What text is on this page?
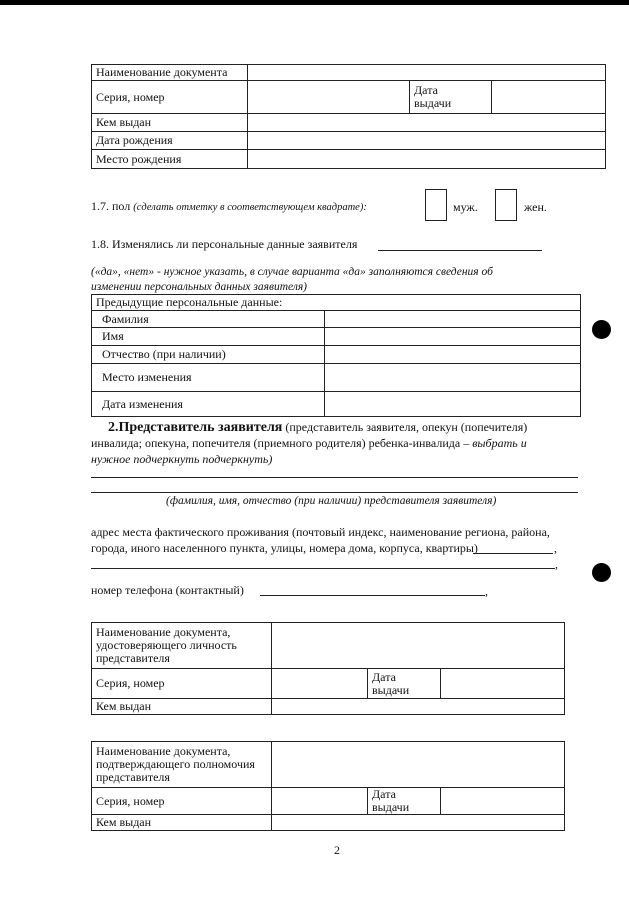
Наименование документа			
Серия, номер		Дата
выдачи	
Кем выдан			
Дата рождения			
Место рождения			
1.7. пол (сделать отметку в соответствующем квадрате):	муж.	жен.
1.8. Изменялись ли персональные данные заявителя
(«да», «нет» - нужное указать, в случае варианта «да» заполняются сведения об
изменении персональных данных заявителя)
Предыдущие персональные данные:	
Фамилия	
Имя	
Отчество (при наличии)	
Место изменения	
Дата изменения	
2.Представитель заявителя (представитель заявителя, опекун (попечителя)
инвалида; опекуна, попечителя (приемного родителя) ребенка-инвалида – выбрать и
нужное подчеркнуть подчеркнуть)
(фамилия, имя, отчество (при наличии) представителя заявителя)
адрес места фактического проживания (почтовый индекс, наименование региона, района,
города, иного населенного пункта, улицы, номера дома, корпуса, квартиры)	,
,
номер телефона (контактный)	,
Наименование документа,
удостоверяющего личность
представителя			
Серия, номер		Дата
выдачи	
Кем выдан			
Наименование документа,
подтверждающего полномочия
представителя			
Серия, номер		Дата выдачи	
Кем выдан			
2
